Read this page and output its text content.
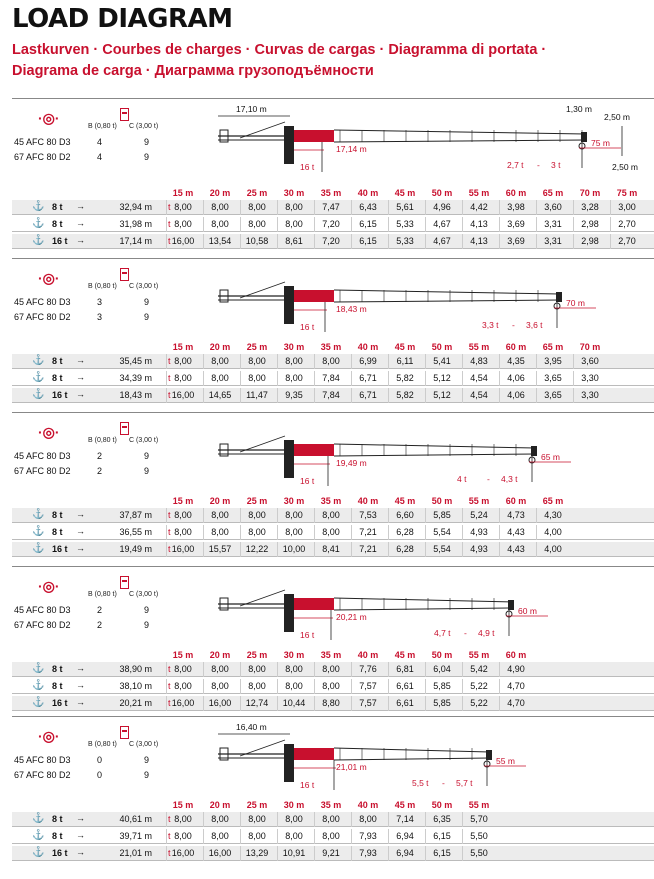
LOAD DIAGRAM
Lastkurven · Courbes de charges · Curvas de cargas · Diagramma di portata ·
Diagrama de carga · Диаграмма грузоподъёмности
·◎·
B (0,80 t) C (3,00 t)
45 AFC 80 D3	4	9
67 AFC 80 D2	4	9
17,14 m
16 t	2,7 t - 3 t
75 m
17,10 m	1,30 m
2,50 m
2,50 m
15 m	20 m	25 m	30 m	35 m	40 m	45 m	50 m	55 m	60 m	65 m	70 m	75 m
⚓ 8 t →	32,94 m t 8,00	8,00	8,00	8,00	7,47	6,43	5,61	4,96	4,42	3,98	3,60	3,28	3,00
⚓ 8 t →	31,98 m t 8,00	8,00	8,00	8,00	7,20	6,15	5,33	4,67	4,13	3,69	3,31	2,98	2,70
⚓ 16 t →	17,14 m t 16,00	13,54	10,58	8,61	7,20	6,15	5,33	4,67	4,13	3,69	3,31	2,98	2,70
·◎·
B (0,80 t) C (3,00 t)
45 AFC 80 D3	3	9
67 AFC 80 D2	3	9
18,43 m
16 t	3,3 t - 3,6 t
70 m
15 m	20 m	25 m	30 m	35 m	40 m	45 m	50 m	55 m	60 m	65 m	70 m
⚓ 8 t →	35,45 m t 8,00	8,00	8,00	8,00	8,00	6,99	6,11	5,41	4,83	4,35	3,95	3,60
⚓ 8 t →	34,39 m t 8,00	8,00	8,00	8,00	7,84	6,71	5,82	5,12	4,54	4,06	3,65	3,30
⚓ 16 t →	18,43 m t 16,00	14,65	11,47	9,35	7,84	6,71	5,82	5,12	4,54	4,06	3,65	3,30
·◎·
B (0,80 t) C (3,00 t)
45 AFC 80 D3	2	9
67 AFC 80 D2	2	9
19,49 m
16 t	4 t - 4,3 t
65 m
15 m	20 m	25 m	30 m	35 m	40 m	45 m	50 m	55 m	60 m	65 m
⚓ 8 t →	37,87 m t 8,00	8,00	8,00	8,00	8,00	7,53	6,60	5,85	5,24	4,73	4,30
⚓ 8 t →	36,55 m t 8,00	8,00	8,00	8,00	8,00	7,21	6,28	5,54	4,93	4,43	4,00
⚓ 16 t →	19,49 m t 16,00	15,57	12,22	10,00	8,41	7,21	6,28	5,54	4,93	4,43	4,00
·◎·
B (0,80 t) C (3,00 t)
45 AFC 80 D3	2	9
67 AFC 80 D2	2	9
20,21 m
16 t	4,7 t - 4,9 t
60 m
15 m	20 m	25 m	30 m	35 m	40 m	45 m	50 m	55 m	60 m
⚓ 8 t →	38,90 m t 8,00	8,00	8,00	8,00	8,00	7,76	6,81	6,04	5,42	4,90
⚓ 8 t →	38,10 m t 8,00	8,00	8,00	8,00	8,00	7,57	6,61	5,85	5,22	4,70
⚓ 16 t →	20,21 m t 16,00	16,00	12,74	10,44	8,80	7,57	6,61	5,85	5,22	4,70
·◎·
B (0,80 t) C (3,00 t)
45 AFC 80 D3	0	9
67 AFC 80 D2	0	9
21,01 m
16 t	5,5 t - 5,7 t
55 m
16,40 m
15 m	20 m	25 m	30 m	35 m	40 m	45 m	50 m	55 m
⚓ 8 t →	40,61 m t 8,00	8,00	8,00	8,00	8,00	8,00	7,14	6,35	5,70
⚓ 8 t →	39,71 m t 8,00	8,00	8,00	8,00	8,00	7,93	6,94	6,15	5,50
⚓ 16 t →	21,01 m t 16,00	16,00	13,29	10,91	9,21	7,93	6,94	6,15	5,50
